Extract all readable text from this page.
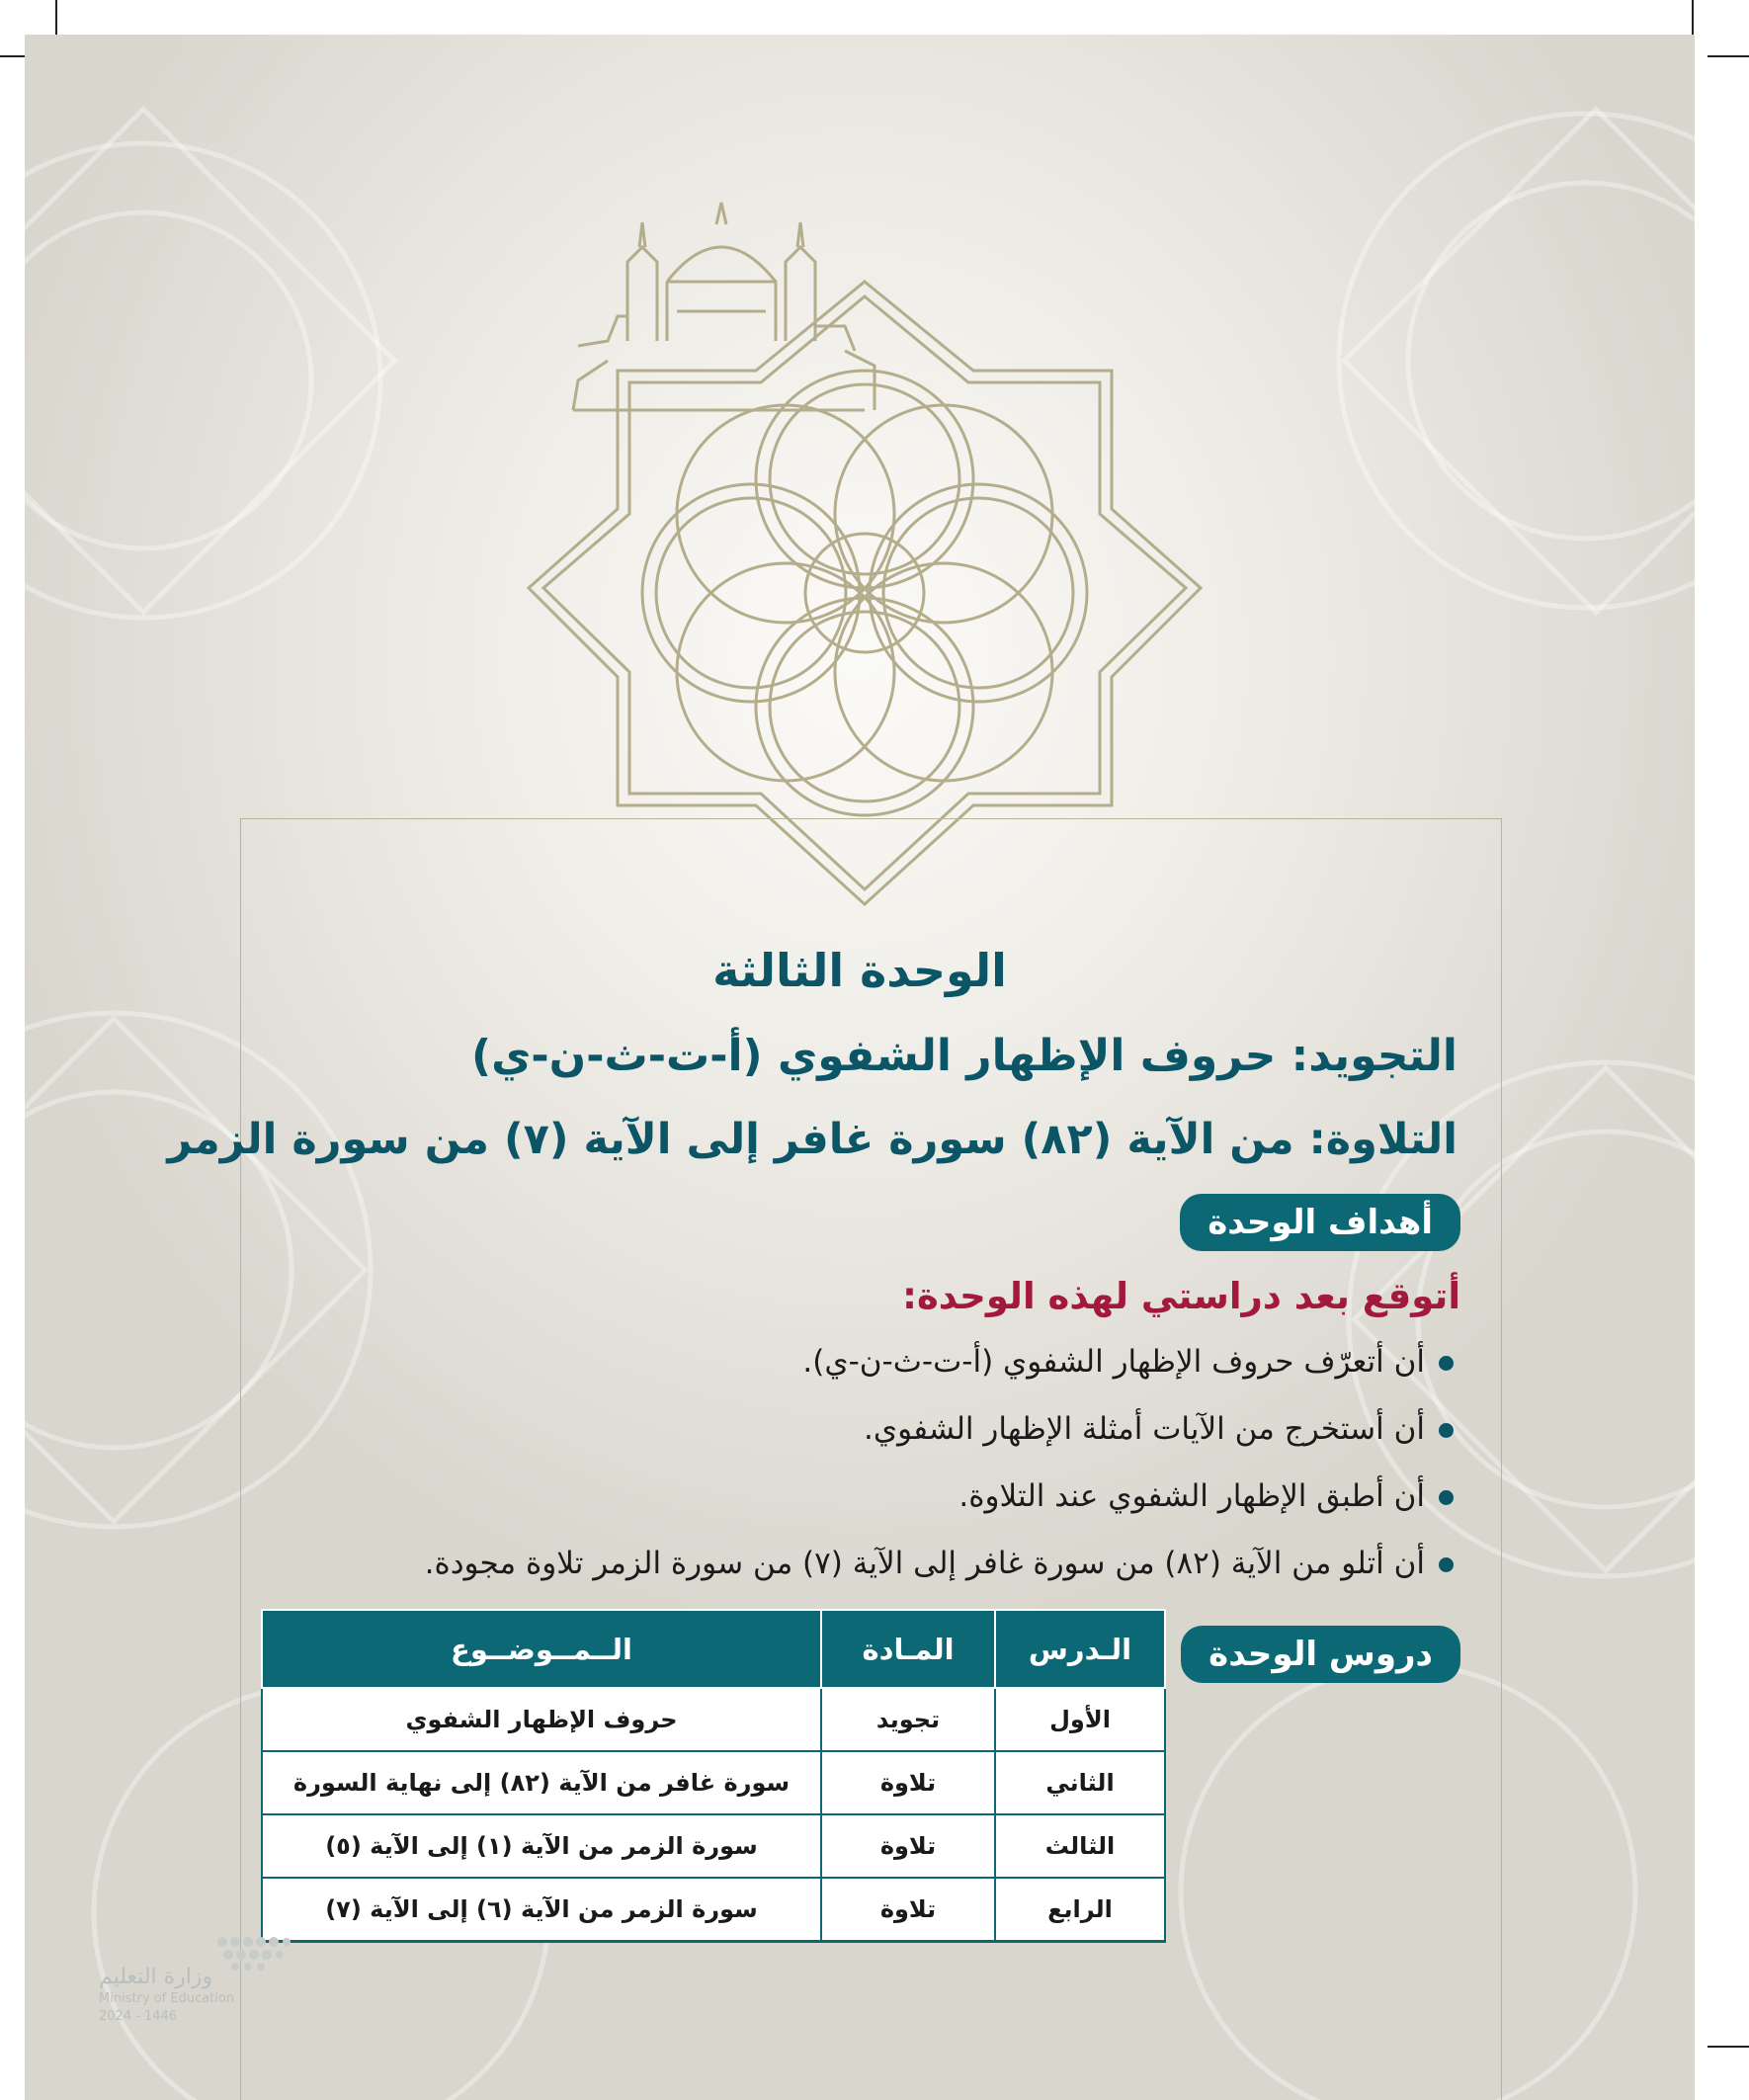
الوحدة الثالثة
التجويد: حروف الإظهار الشفوي (أ-ت-ث-ن-ي)
التلاوة: من الآية (٨٢) سورة غافر إلى الآية (٧) من سورة الزمر
أهداف الوحدة
أتوقع بعد دراستي لهذه الوحدة:
أن أتعرّف حروف الإظهار الشفوي (أ-ت-ث-ن-ي).
أن أستخرج من الآيات أمثلة الإظهار الشفوي.
أن أطبق الإظهار الشفوي عند التلاوة.
أن أتلو من الآية (٨٢) من سورة غافر إلى الآية (٧) من سورة الزمر تلاوة مجودة.
دروس الوحدة
الـدرس	المـادة	الــمــوضــوع
الأول	تجويد	حروف الإظهار الشفوي
الثاني	تلاوة	سورة غافر من الآية (٨٢) إلى نهاية السورة
الثالث	تلاوة	سورة الزمر من الآية (١) إلى الآية (٥)
الرابع	تلاوة	سورة الزمر من الآية (٦) إلى الآية (٧)
وزارة التعليم
Ministry of Education
2024 - 1446
